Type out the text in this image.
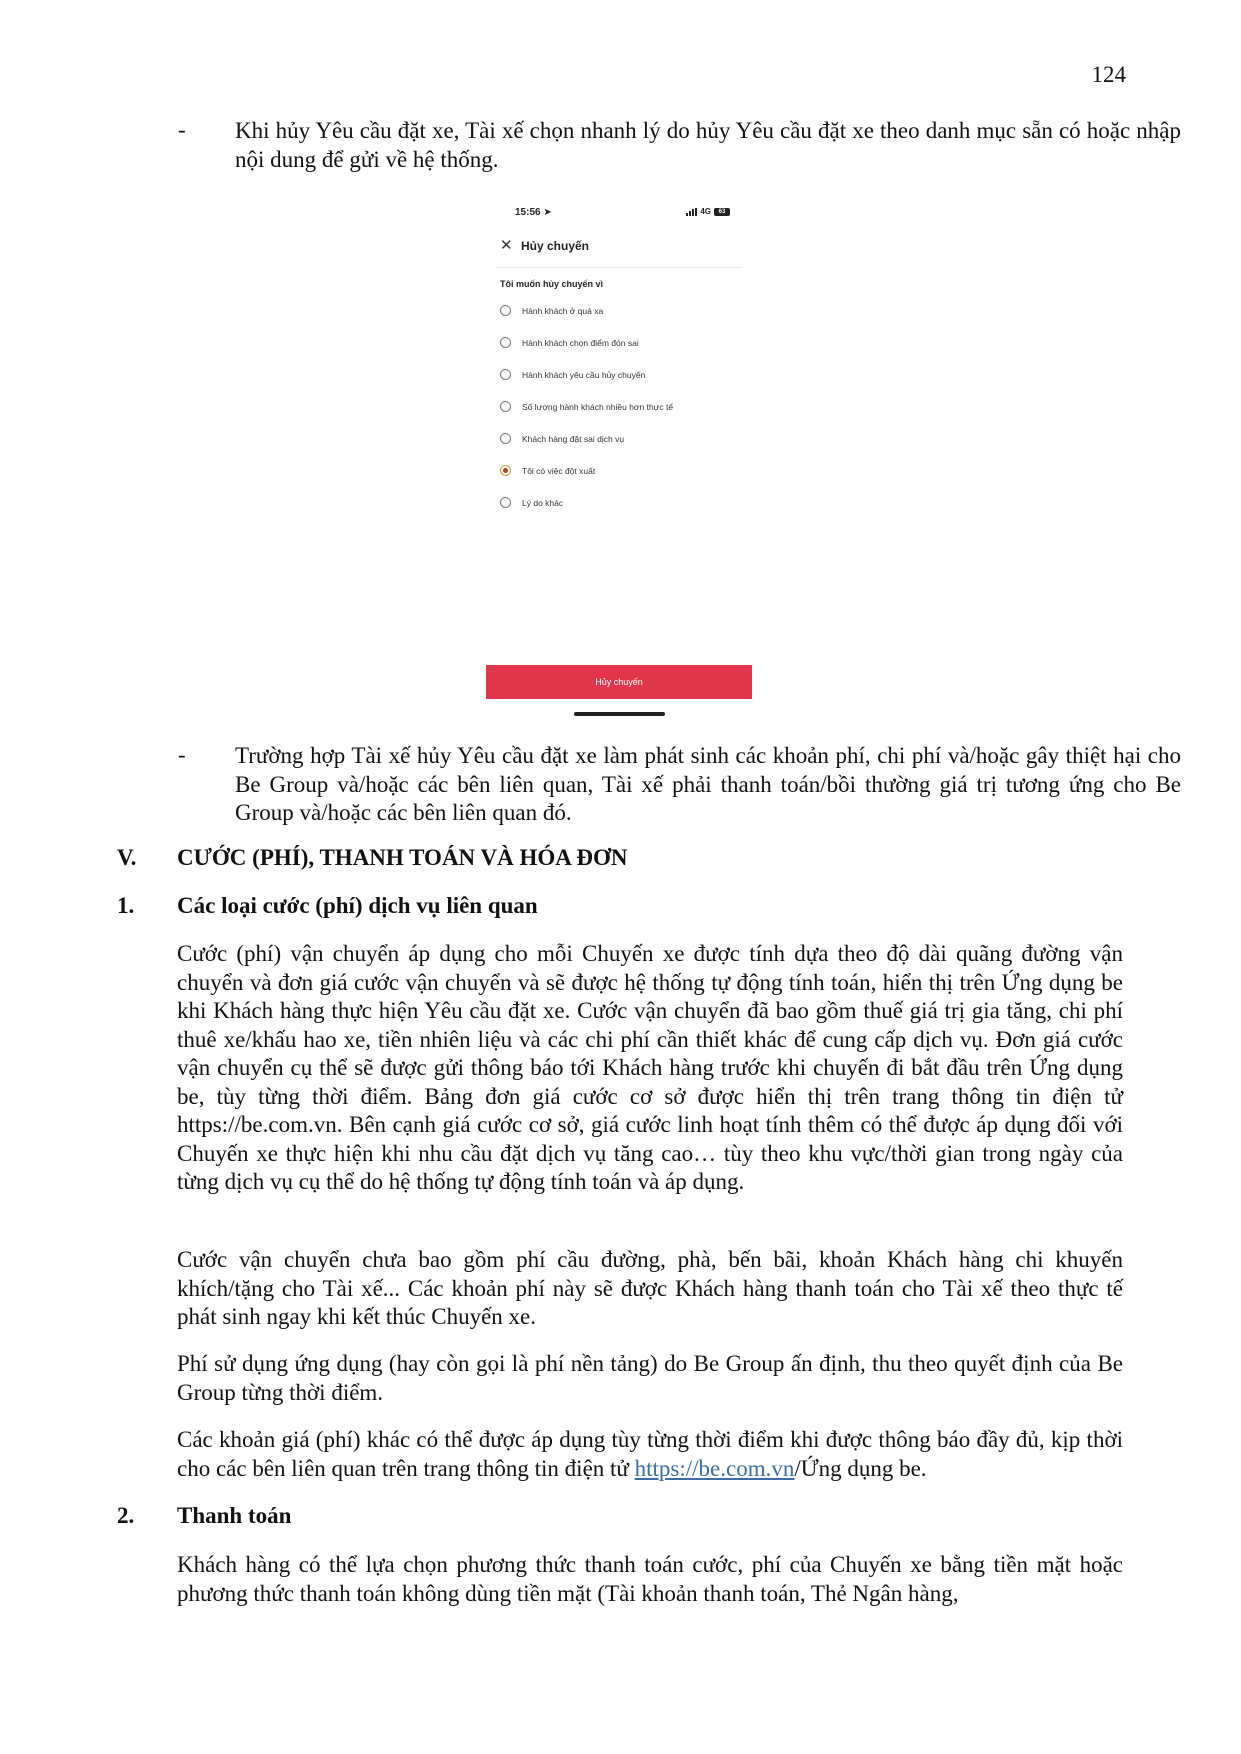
124
- Khi hủy Yêu cầu đặt xe, Tài xế chọn nhanh lý do hủy Yêu cầu đặt xe theo danh mục sẵn có hoặc nhập nội dung để gửi về hệ thống.
15:56 ➤	4G	63
✕ Hủy chuyến
Tôi muốn hủy chuyến vì
Hành khách ở quá xa
Hành khách chọn điểm đón sai
Hành khách yêu cầu hủy chuyến
Số lượng hành khách nhiều hơn thực tế
Khách hàng đặt sai dịch vụ
Tôi có việc đột xuất
Lý do khác
Hủy chuyến
- Trường hợp Tài xế hủy Yêu cầu đặt xe làm phát sinh các khoản phí, chi phí và/hoặc gây thiệt hại cho Be Group và/hoặc các bên liên quan, Tài xế phải thanh toán/bồi thường giá trị tương ứng cho Be Group và/hoặc các bên liên quan đó.
V. CƯỚC (PHÍ), THANH TOÁN VÀ HÓA ĐƠN
1. Các loại cước (phí) dịch vụ liên quan
Cước (phí) vận chuyển áp dụng cho mỗi Chuyến xe được tính dựa theo độ dài quãng đường vận chuyển và đơn giá cước vận chuyển và sẽ được hệ thống tự động tính toán, hiển thị trên Ứng dụng be khi Khách hàng thực hiện Yêu cầu đặt xe. Cước vận chuyển đã bao gồm thuế giá trị gia tăng, chi phí thuê xe/khấu hao xe, tiền nhiên liệu và các chi phí cần thiết khác để cung cấp dịch vụ. Đơn giá cước vận chuyển cụ thể sẽ được gửi thông báo tới Khách hàng trước khi chuyến đi bắt đầu trên Ứng dụng be, tùy từng thời điểm. Bảng đơn giá cước cơ sở được hiển thị trên trang thông tin điện tử https://be.com.vn. Bên cạnh giá cước cơ sở, giá cước linh hoạt tính thêm có thể được áp dụng đối với Chuyến xe thực hiện khi nhu cầu đặt dịch vụ tăng cao… tùy theo khu vực/thời gian trong ngày của từng dịch vụ cụ thể do hệ thống tự động tính toán và áp dụng.
Cước vận chuyển chưa bao gồm phí cầu đường, phà, bến bãi, khoản Khách hàng chi khuyến khích/tặng cho Tài xế... Các khoản phí này sẽ được Khách hàng thanh toán cho Tài xế theo thực tế phát sinh ngay khi kết thúc Chuyến xe.
Phí sử dụng ứng dụng (hay còn gọi là phí nền tảng) do Be Group ấn định, thu theo quyết định của Be Group từng thời điểm.
Các khoản giá (phí) khác có thể được áp dụng tùy từng thời điểm khi được thông báo đầy đủ, kịp thời cho các bên liên quan trên trang thông tin điện tử https://be.com.vn/Ứng dụng be.
2. Thanh toán
Khách hàng có thể lựa chọn phương thức thanh toán cước, phí của Chuyến xe bằng tiền mặt hoặc phương thức thanh toán không dùng tiền mặt (Tài khoản thanh toán, Thẻ Ngân hàng,
